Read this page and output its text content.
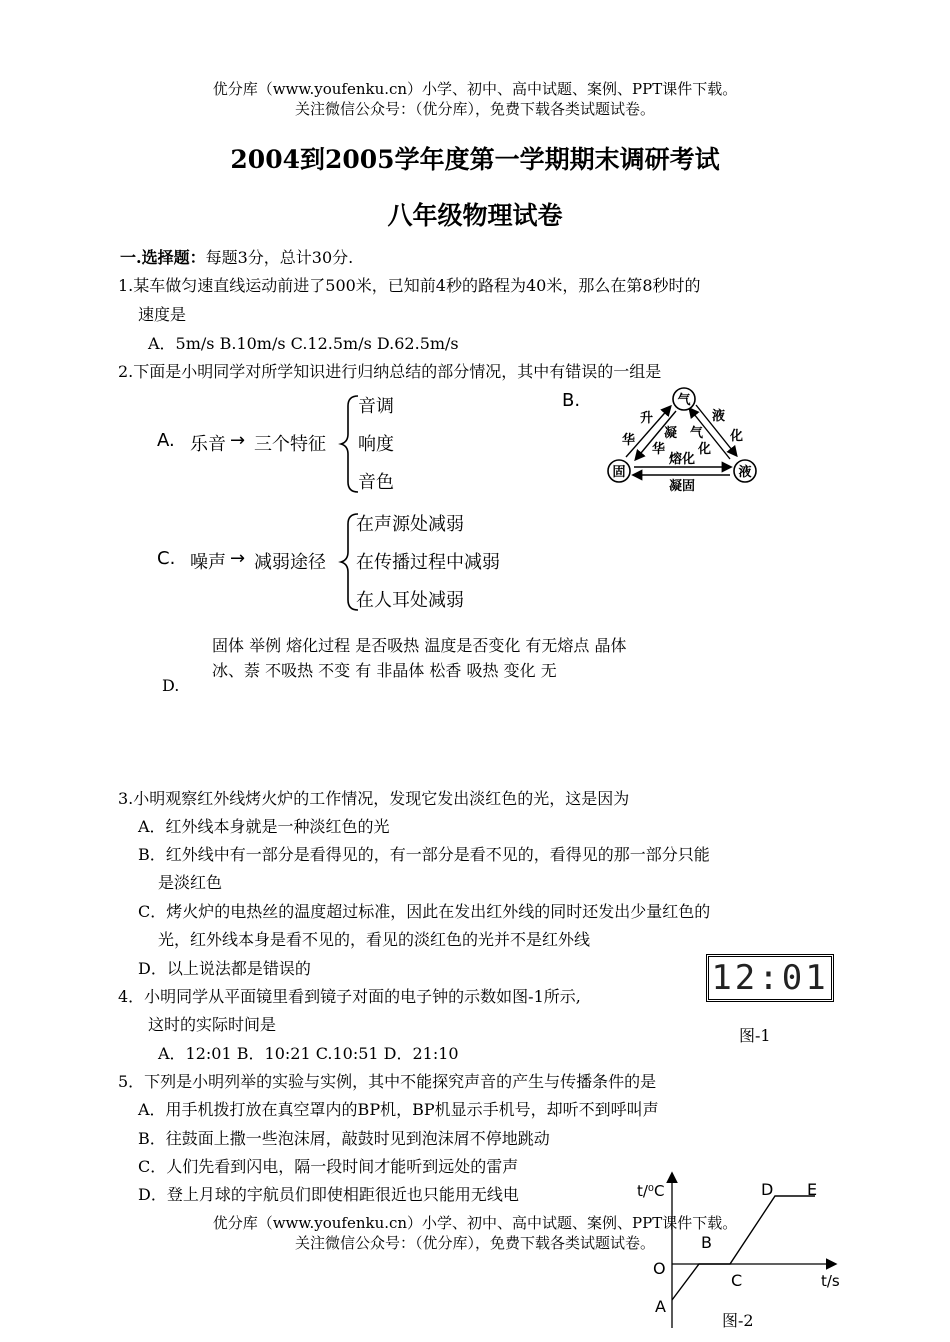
优分库（www.youfenku.cn）小学、初中、高中试题、案例、PPT课件下载。
关注微信公众号：（优分库），免费下载各类试题试卷。
2004到2005学年度第一学期期末调研考试
八年级物理试卷
一.选择题：每题3分，总计30分.
1.某车做匀速直线运动前进了500米，已知前4秒的路程为40米，那么在第8秒时的
速度是
A．5m/s B.10m/s C.12.5m/s D.62.5m/s
2.下面是小明同学对所学知识进行归纳总结的部分情况，其中有错误的一组是
A. 乐音 → 三个特征
音调
响度
音色
B.	气
固	液
升
华
液
化
凝
华
气
化
熔化
凝固
C. 噪声 → 减弱途径
在声源处减弱
在传播过程中减弱
在人耳处减弱
固体 举例 熔化过程 是否吸热 温度是否变化 有无熔点 晶体
冰、萘 不吸热 不变 有 非晶体 松香 吸热 变化 无
D.
3.小明观察红外线烤火炉的工作情况，发现它发出淡红色的光，这是因为
A．红外线本身就是一种淡红色的光
B．红外线中有一部分是看得见的，有一部分是看不见的，看得见的那一部分只能
是淡红色
C．烤火炉的电热丝的温度超过标准，因此在发出红外线的同时还发出少量红色的
光，红外线本身是看不见的，看见的淡红色的光并不是红外线
D．以上说法都是错误的
4．小明同学从平面镜里看到镜子对面的电子钟的示数如图-1所示,
这时的实际时间是
A．12:01 B．10:21 C.10:51 D．21:10
12:01
图-1
5．下列是小明列举的实验与实例，其中不能探究声音的产生与传播条件的是
A．用手机拨打放在真空罩内的BP机，BP机显示手机号，却听不到呼叫声
B．往鼓面上撒一些泡沫屑，敲鼓时见到泡沫屑不停地跳动
C．人们先看到闪电，隔一段时间才能听到远处的雷声
D．登上月球的宇航员们即使相距很近也只能用无线电	t/⁰C
t/s
O
A
B
C
D E
图-2
优分库（www.youfenku.cn）小学、初中、高中试题、案例、PPT课件下载。
关注微信公众号：（优分库），免费下载各类试题试卷。
